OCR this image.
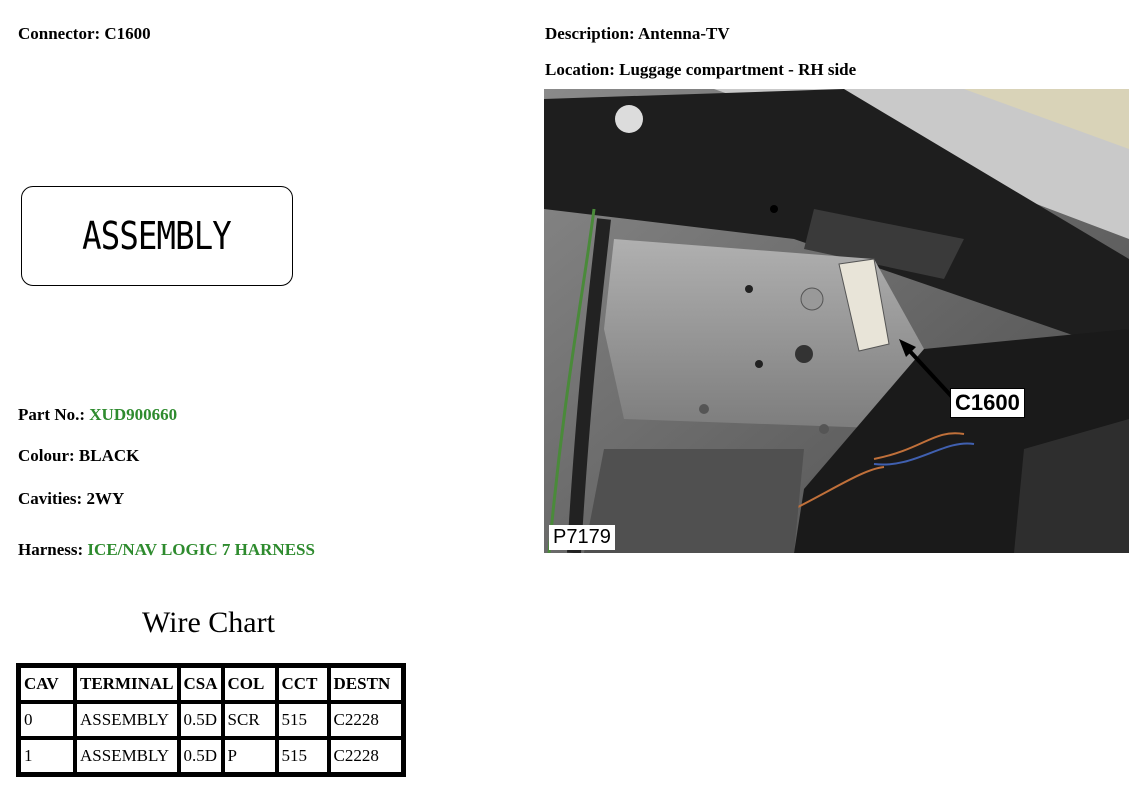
Connector: C1600	Description: Antenna-TV
Location: Luggage compartment - RH side
ASSEMBLY
Part No.: XUD900660
Colour: BLACK
Cavities: 2WY
Harness: ICE/NAV LOGIC 7 HARNESS
C1600
P7179
Wire Chart
CAV	TERMINAL	CSA	COL	CCT	DESTN
0	ASSEMBLY	0.5D	SCR	515	C2228
1	ASSEMBLY	0.5D	P	515	C2228
